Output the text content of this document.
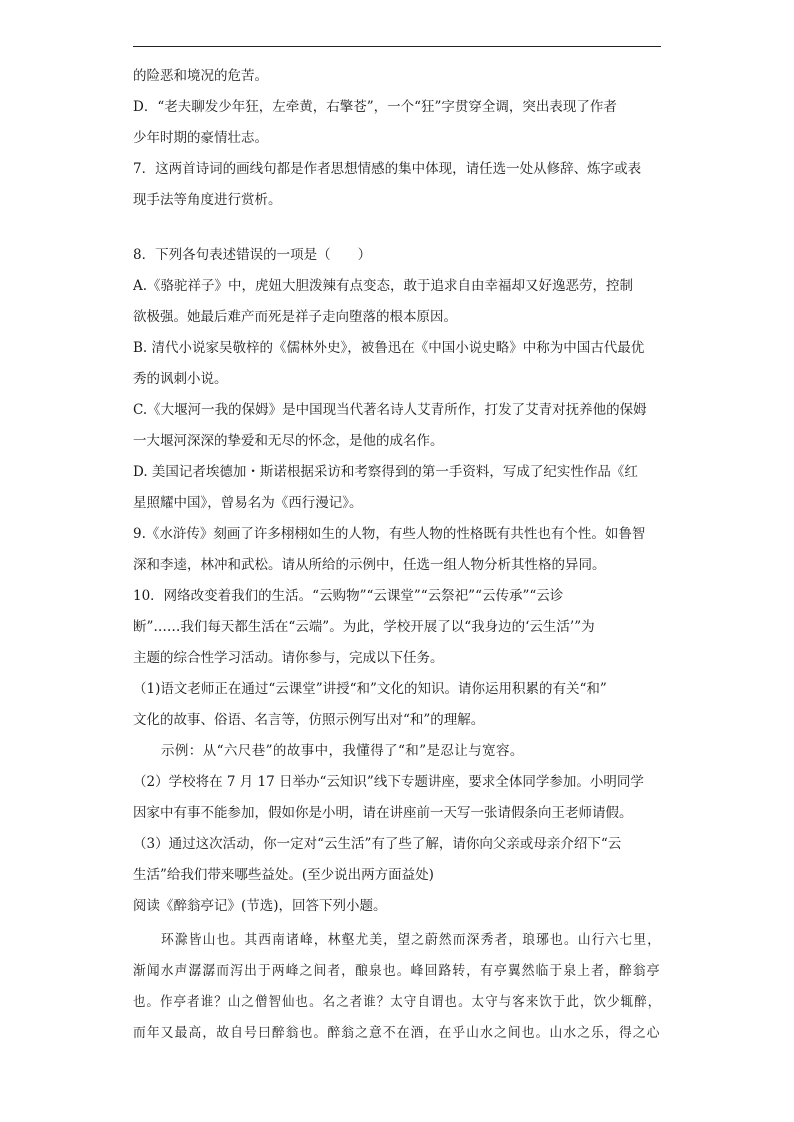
的险恶和境况的危苦。
D．“老夫聊发少年狂，左牵黄，右擎苍”，一个“狂”字贯穿全调，突出表现了作者
少年时期的豪情壮志。
7．这两首诗词的画线句都是作者思想情感的集中体现，请任选一处从修辞、炼字或表
现手法等角度进行赏析。
8．下列各句表述错误的一项是（　　）
A.《骆驼祥子》中，虎妞大胆泼辣有点变态，敢于追求自由幸福却又好逸恶劳，控制
欲极强。她最后难产而死是祥子走向堕落的根本原因。
B. 清代小说家吴敬梓的《儒林外史》，被鲁迅在《中国小说史略》中称为中国古代最优
秀的讽刺小说。
C.《大堰河一我的保姆》是中国现当代著名诗人艾青所作，打发了艾青对抚养他的保姆
一大堰河深深的挚爱和无尽的怀念，是他的成名作。
D. 美国记者埃德加・斯诺根据采访和考察得到的第一手资料，写成了纪实性作品《红
星照耀中国》，曾易名为《西行漫记》。
9.《水浒传》刻画了许多栩栩如生的人物，有些人物的性格既有共性也有个性。如鲁智
深和李逵，林冲和武松。请从所给的示例中，任选一组人物分析其性格的异同。
10．网络改变着我们的生活。“云购物”“云课堂”“云祭祀”“云传承”“云诊
断”……我们每天都生活在“云端”。为此，学校开展了以“我身边的‘云生活’”为
主题的综合性学习活动。请你参与，完成以下任务。
（1)语文老师正在通过“云课堂”讲授“和”文化的知识。请你运用积累的有关“和”
文化的故事、俗语、名言等，仿照示例写出对“和”的理解。
示例：从“六尺巷”的故事中，我懂得了“和”是忍让与宽容。
（2）学校将在 7 月 17 日举办“云知识”线下专题讲座，要求全体同学参加。小明同学
因家中有事不能参加，假如你是小明，请在讲座前一天写一张请假条向王老师请假。
（3）通过这次活动，你一定对“云生活”有了些了解，请你向父亲或母亲介绍下“云
生活”给我们带来哪些益处。(至少说出两方面益处)
阅读《醉翁亭记》(节选)，回答下列小题。
环滁皆山也。其西南诸峰，林壑尤美，望之蔚然而深秀者，琅琊也。山行六七里，
渐闻水声潺潺而泻出于两峰之间者，酿泉也。峰回路转，有亭翼然临于泉上者，醉翁亭
也。作亭者谁？山之僧智仙也。名之者谁？太守自谓也。太守与客来饮于此，饮少辄醉，
而年又最高，故自号曰醉翁也。醉翁之意不在酒，在乎山水之间也。山水之乐，得之心
